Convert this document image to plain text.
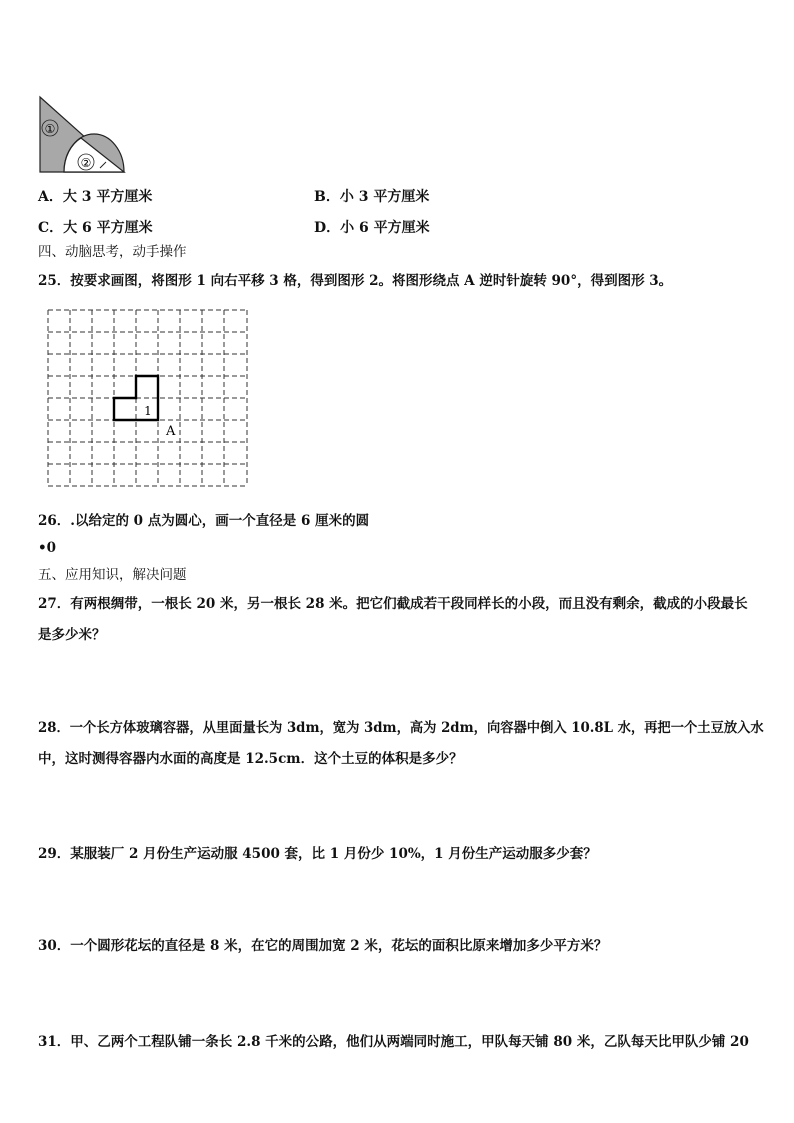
①
②
A．大 3 平方厘米	B．小 3 平方厘米
C．大 6 平方厘米	D．小 6 平方厘米
四、动脑思考，动手操作
25．按要求画图，将图形 1 向右平移 3 格，得到图形 2。将图形绕点 A 逆时针旋转 90°，得到图形 3。
1
A
26．.以给定的 0 点为圆心，画一个直径是 6 厘米的圆
•0
五、应用知识，解决问题
27．有两根绸带，一根长 20 米，另一根长 28 米。把它们截成若干段同样长的小段，而且没有剩余，截成的小段最长
是多少米？
28．一个长方体玻璃容器，从里面量长为 3dm，宽为 3dm，高为 2dm，向容器中倒入 10.8L 水，再把一个土豆放入水
中，这时测得容器内水面的高度是 12.5cm．这个土豆的体积是多少？
29．某服装厂 2 月份生产运动服 4500 套，比 1 月份少 10%，1 月份生产运动服多少套？
30．一个圆形花坛的直径是 8 米，在它的周围加宽 2 米，花坛的面积比原来增加多少平方米？
31．甲、乙两个工程队铺一条长 2.8 千米的公路，他们从两端同时施工，甲队每天铺 80 米，乙队每天比甲队少铺 20
